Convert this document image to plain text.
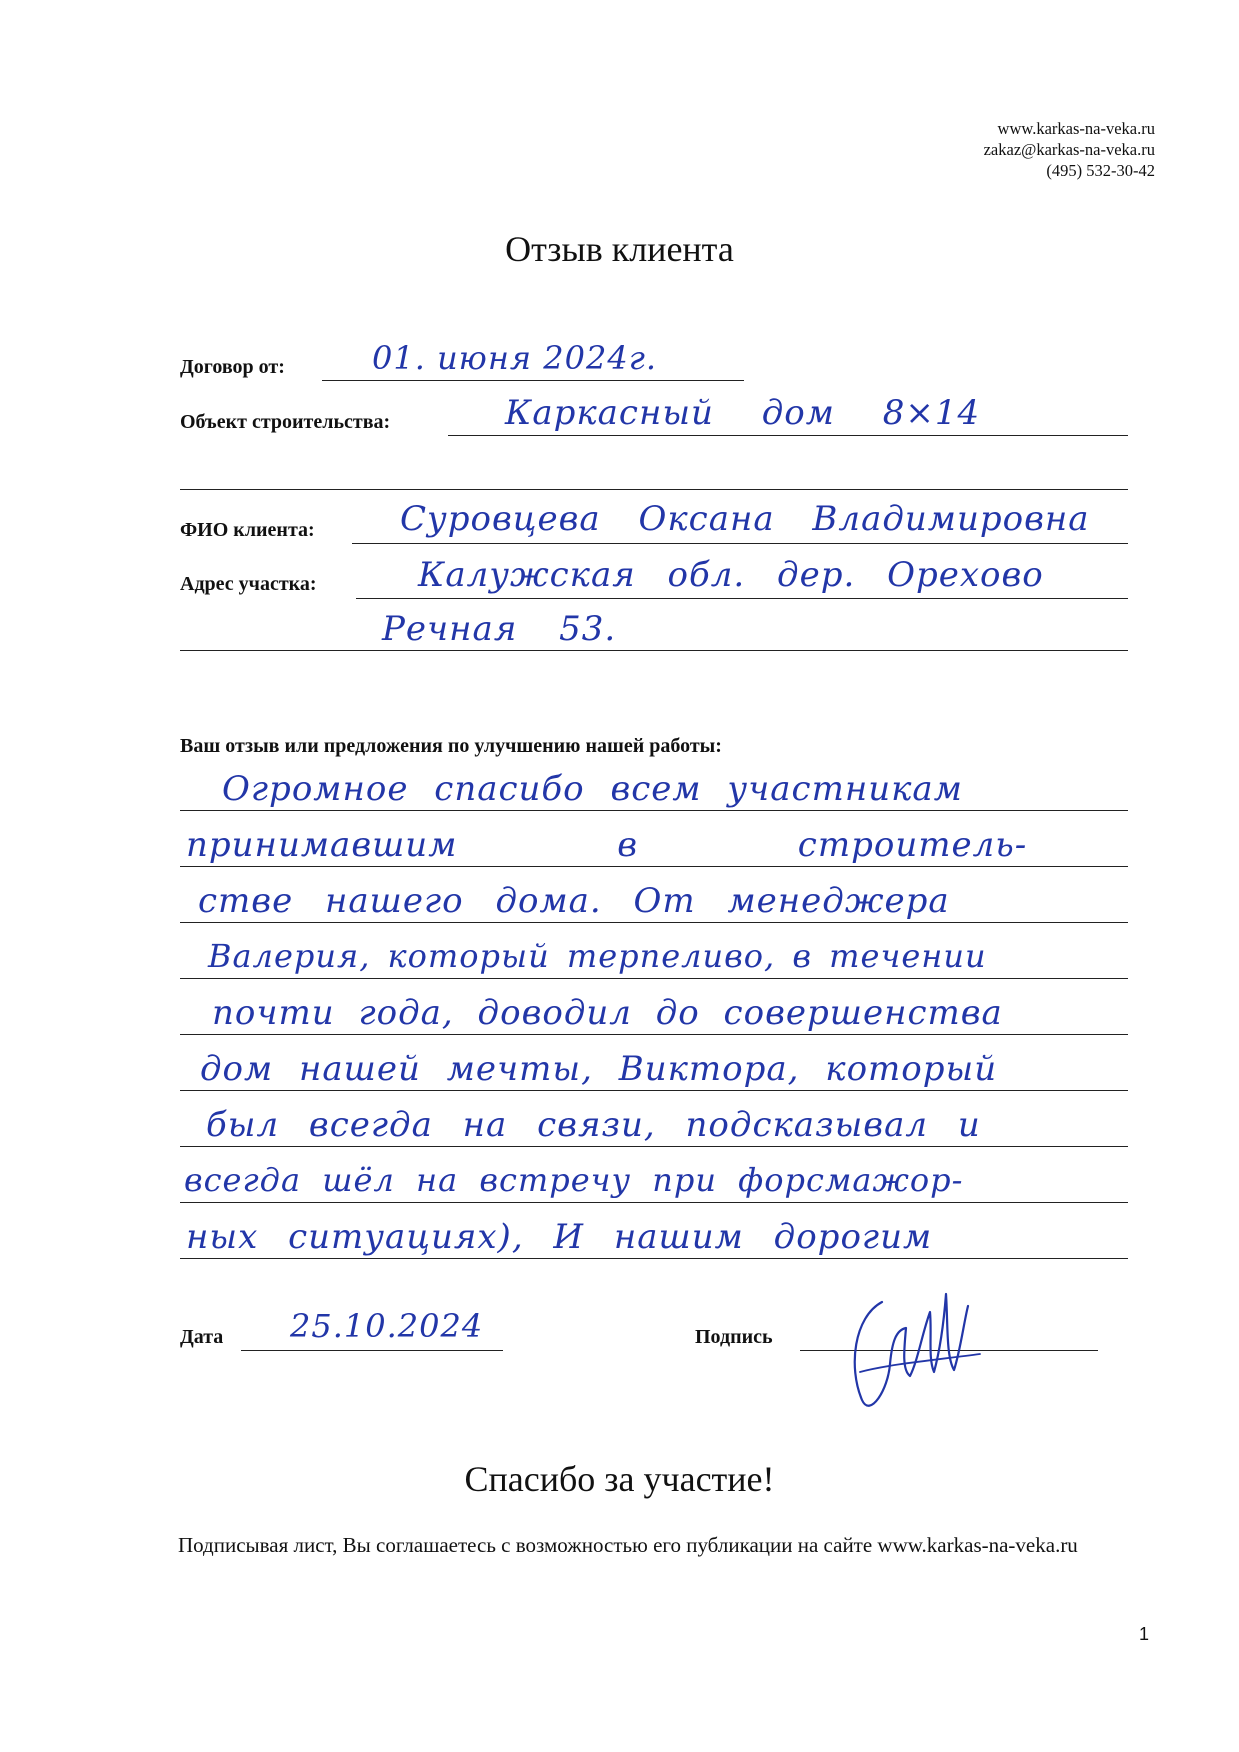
www.karkas-na-veka.ru
zakaz@karkas-na-veka.ru
(495) 532-30-42
Отзыв клиента
Договор от:	01. июня 2024г.
Объект строительства:	Каркасный дом 8×14
ФИО клиента:	Суровцева Оксана Владимировна
Адрес участка:	Калужская обл. дер. Орехово
Речная 53.
Ваш отзыв или предложения по улучшению нашей работы:
Огромное спасибо всем участникам
принимавшим в строитель-
стве нашего дома. От менеджера
Валерия, который терпеливо, в течении
почти года, доводил до совершенства
дом нашей мечты, Виктора, который
был всегда на связи, подсказывал и
всегда шёл на встречу при форсмажор-
ных ситуациях), И нашим дорогим
Дата 25.10.2024	Подпись
Спасибо за участие!
Подписывая лист, Вы соглашаетесь с возможностью его публикации на сайте www.karkas-na-veka.ru
1
